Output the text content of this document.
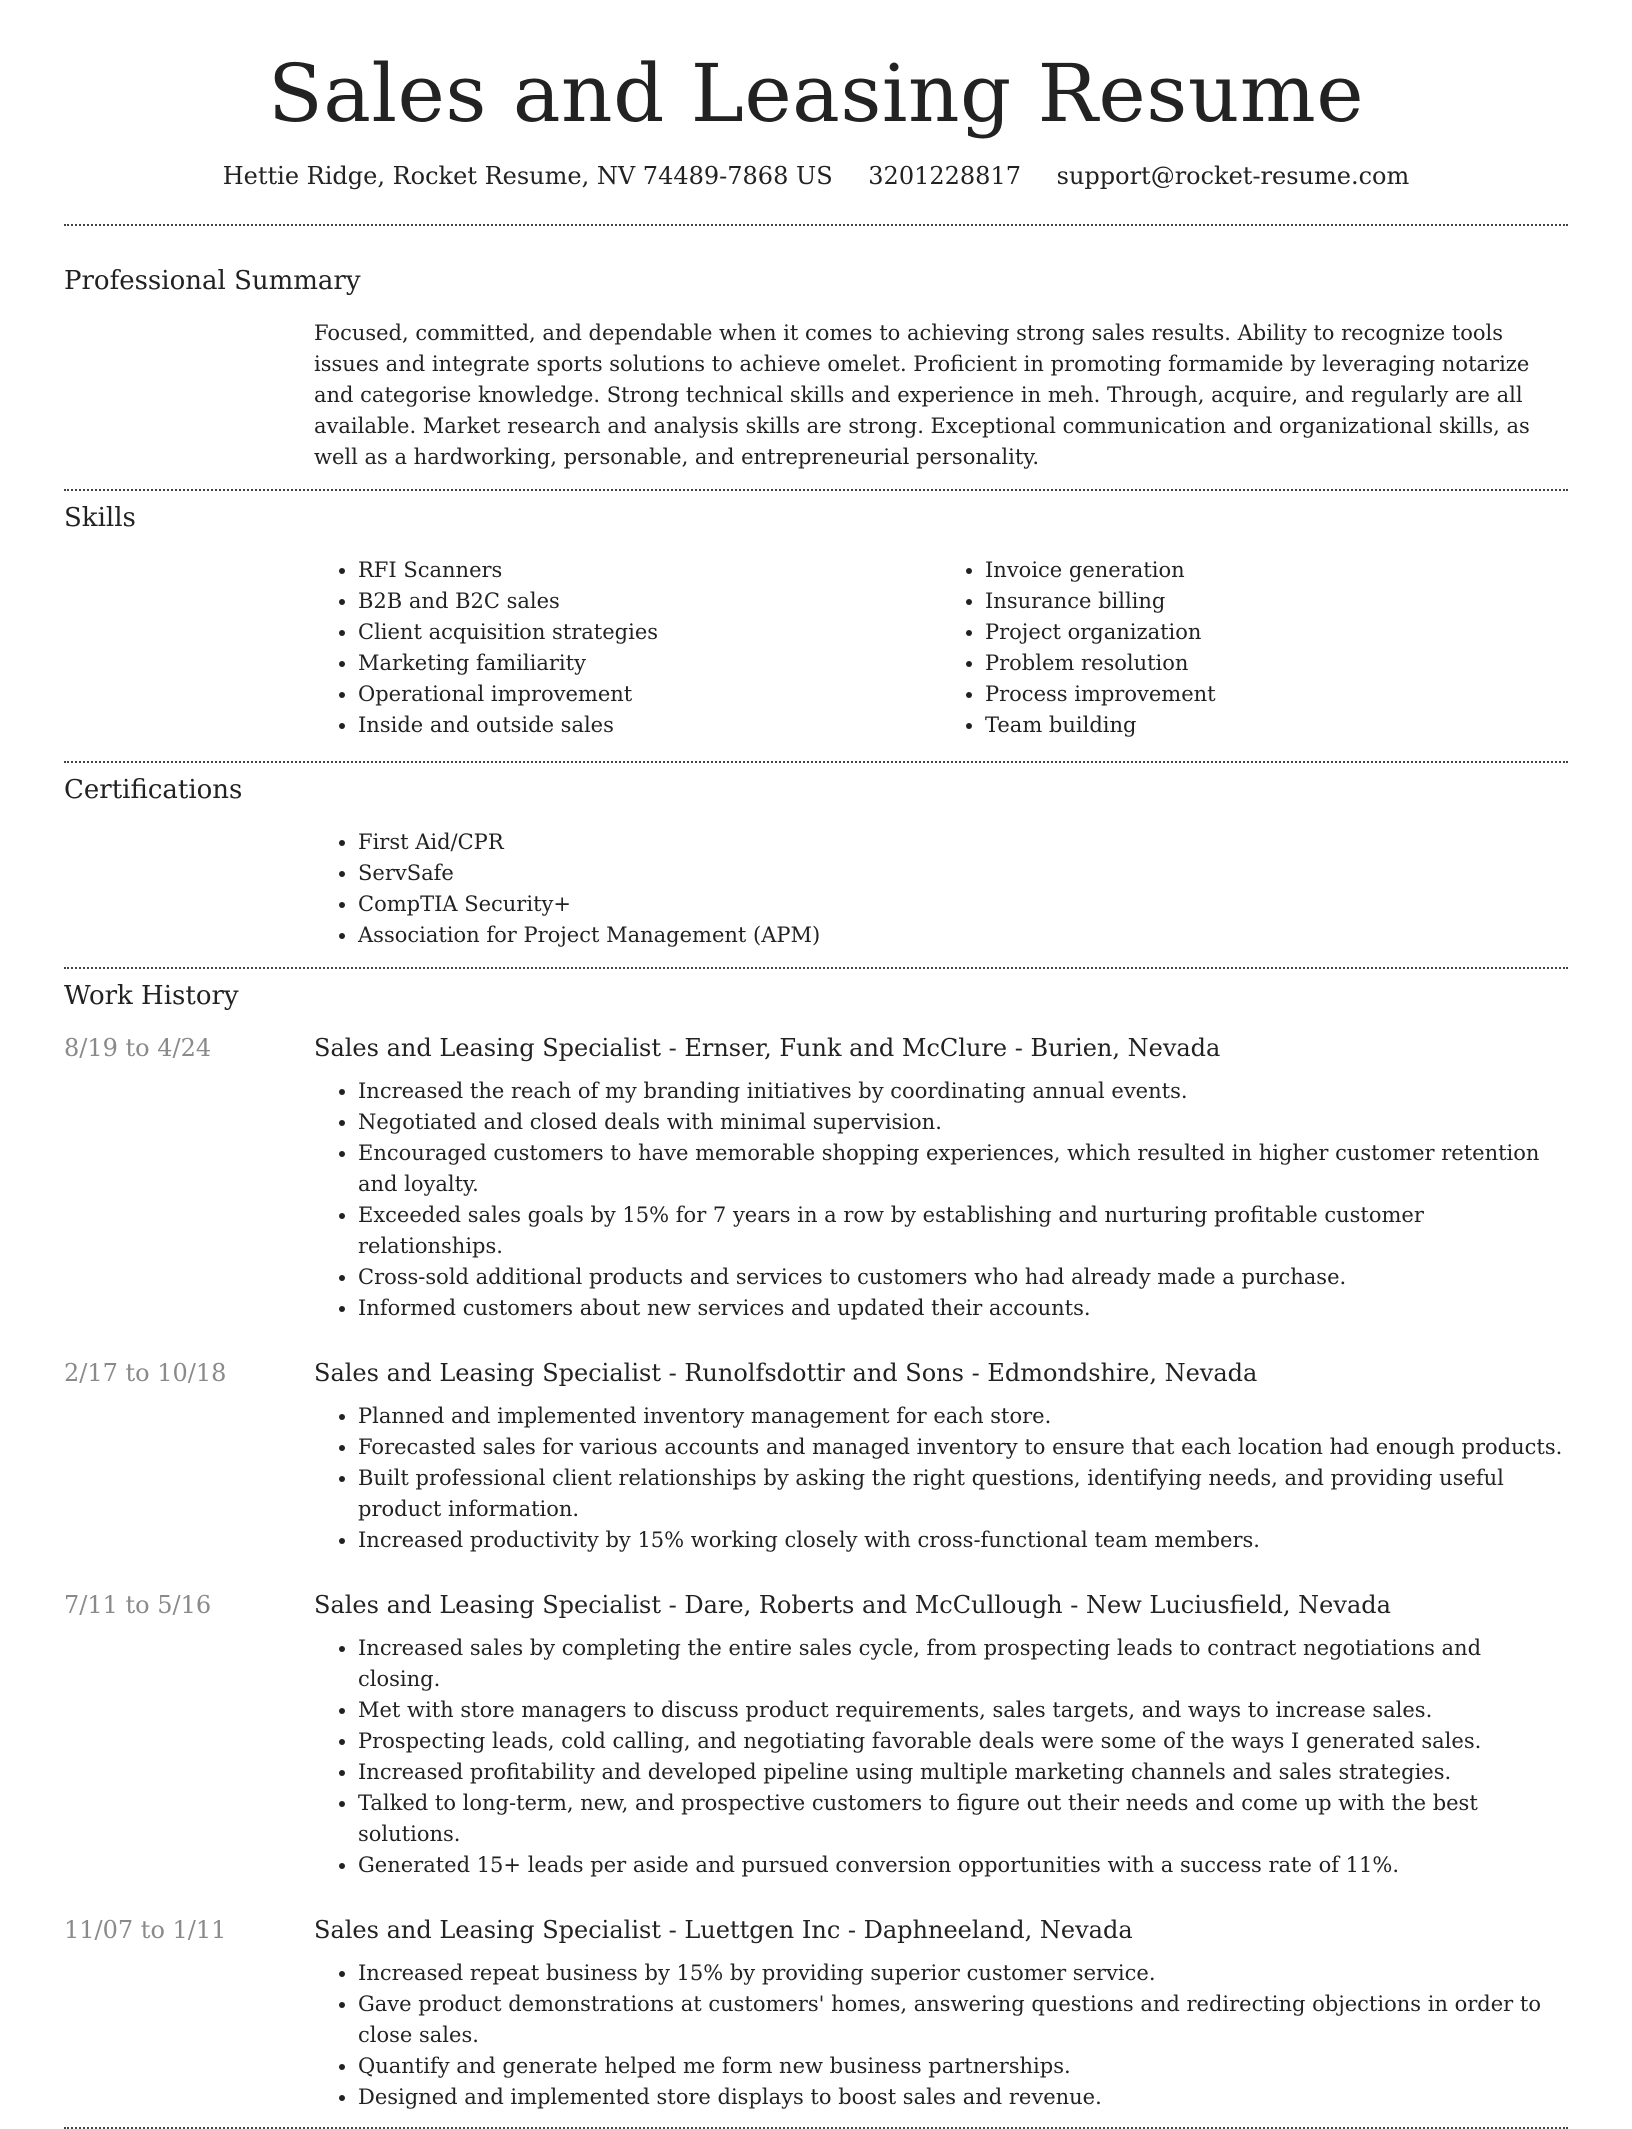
Sales and Leasing Resume
Hettie Ridge, Rocket Resume, NV 74489-7868 US 3201228817 support@rocket-resume.com
Professional Summary

Focused, committed, and dependable when it comes to achieving strong sales results. Ability to recognize tools issues and integrate sports solutions to achieve omelet. Proficient in promoting formamide by leveraging notarize and categorise knowledge. Strong technical skills and experience in meh. Through, acquire, and regularly are all available. Market research and analysis skills are strong. Exceptional communication and organizational skills, as well as a hardworking, personable, and entrepreneurial personality.

Skills
• RFI Scanners
• B2B and B2C sales
• Client acquisition strategies
• Marketing familiarity
• Operational improvement
• Inside and outside sales
• Invoice generation
• Insurance billing
• Project organization
• Problem resolution
• Process improvement
• Team building
Certifications
• First Aid/CPR
• ServSafe
• CompTIA Security+
• Association for Project Management (APM)
Work History
8/19 to 4/24	Sales and Leasing Specialist - Ernser, Funk and McClure - Burien, Nevada
• Increased the reach of my branding initiatives by coordinating annual events.
• Negotiated and closed deals with minimal supervision.
• Encouraged customers to have memorable shopping experiences, which resulted in higher customer retention and loyalty.
• Exceeded sales goals by 15% for 7 years in a row by establishing and nurturing profitable customer relationships.
• Cross-sold additional products and services to customers who had already made a purchase.
• Informed customers about new services and updated their accounts.
2/17 to 10/18	Sales and Leasing Specialist - Runolfsdottir and Sons - Edmondshire, Nevada
• Planned and implemented inventory management for each store.
• Forecasted sales for various accounts and managed inventory to ensure that each location had enough products.
• Built professional client relationships by asking the right questions, identifying needs, and providing useful product information.
• Increased productivity by 15% working closely with cross-functional team members.
7/11 to 5/16	Sales and Leasing Specialist - Dare, Roberts and McCullough - New Luciusfield, Nevada
• Increased sales by completing the entire sales cycle, from prospecting leads to contract negotiations and closing.
• Met with store managers to discuss product requirements, sales targets, and ways to increase sales.
• Prospecting leads, cold calling, and negotiating favorable deals were some of the ways I generated sales.
• Increased profitability and developed pipeline using multiple marketing channels and sales strategies.
• Talked to long-term, new, and prospective customers to figure out their needs and come up with the best solutions.
• Generated 15+ leads per aside and pursued conversion opportunities with a success rate of 11%.
11/07 to 1/11	Sales and Leasing Specialist - Luettgen Inc - Daphneeland, Nevada
• Increased repeat business by 15% by providing superior customer service.
• Gave product demonstrations at customers' homes, answering questions and redirecting objections in order to close sales.
• Quantify and generate helped me form new business partnerships.
• Designed and implemented store displays to boost sales and revenue.
